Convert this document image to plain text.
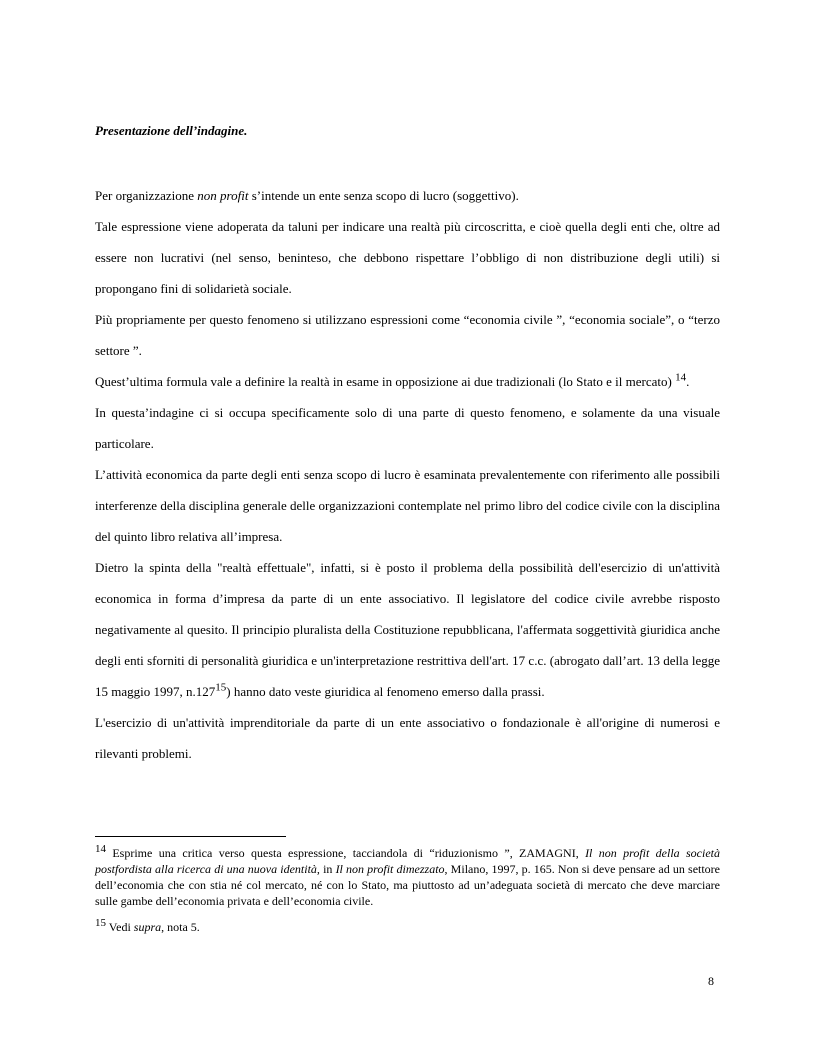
Presentazione dell’indagine.

Per organizzazione non profit s’intende un ente senza scopo di lucro (soggettivo).

Tale espressione viene adoperata da taluni per indicare una realtà più circoscritta, e cioè quella degli enti che, oltre ad essere non lucrativi (nel senso, beninteso, che debbono rispettare l’obbligo di non distribuzione degli utili) si propongano fini di solidarietà sociale.

Più propriamente per questo fenomeno si utilizzano espressioni come “economia civile ”, “economia sociale”, o “terzo settore ”.

Quest’ultima formula vale a definire la realtà in esame in opposizione ai due tradizionali (lo Stato e il mercato) $^{14}$.

In questa’indagine ci si occupa specificamente solo di una parte di questo fenomeno, e solamente da una visuale particolare.

L’attività economica da parte degli enti senza scopo di lucro è esaminata prevalentemente con riferimento alle possibili interferenze della disciplina generale delle organizzazioni contemplate nel primo libro del codice civile con la disciplina del quinto libro relativa all’impresa.

Dietro la spinta della "realtà effettuale", infatti, si è posto il problema della possibilità dell'esercizio di un'attività economica in forma d’impresa da parte di un ente associativo. Il legislatore del codice civile avrebbe risposto negativamente al quesito. Il principio pluralista della Costituzione repubblicana, l'affermata soggettività giuridica anche degli enti sforniti di personalità giuridica e un'interpretazione restrittiva dell'art. 17 c.c. (abrogato dall’art. 13 della legge 15 maggio 1997, n.127$^{15}$) hanno dato veste giuridica al fenomeno emerso dalla prassi.

L'esercizio di un'attività imprenditoriale da parte di un ente associativo o fondazionale è all'origine di numerosi e rilevanti problemi.

$^{14}$ Esprime una critica verso questa espressione, tacciandola di “riduzionismo ”, ZAMAGNI, Il non profit della società postfordista alla ricerca di una nuova identità, in Il non profit dimezzato, Milano, 1997, p. 165. Non si deve pensare ad un settore dell’economia che con stia né col mercato, né con lo Stato, ma piuttosto ad un’adeguata società di mercato che deve marciare sulle gambe dell’economia privata e dell’economia civile.

$^{15}$ Vedi supra, nota 5.

8
